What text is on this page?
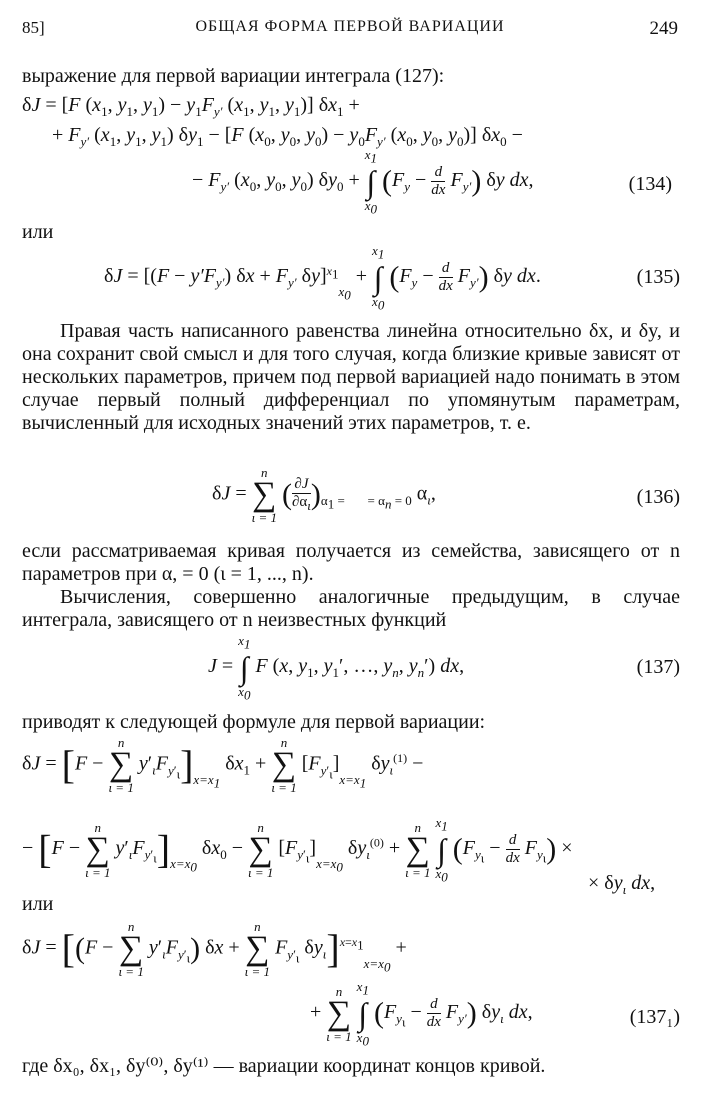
85]	ОБЩАЯ ФОРМА ПЕРВОЙ ВАРИАЦИИ	249
выражение для первой вариации интеграла (127):
δJ = [F ($x_1$, $y_1$, $y_1) - y_1F_{y'}$ ($x_1$, $y_1$, $y_1$)] $\delta x_1$ +
+ $F_{y'}$ ($x_1$, $y_1$, $y_1$) $\delta y_1 - [F$ ($x_0$, $y_0$, $y_0) - y_0F_{y'}$ ($x_0$, $y_0$, $y_0$)] $\delta x_0$ −
− $F_{y'}$ ($x_0$, $y_0$, $y_0$) $\delta y_0$ +
$x_1$
∫
$x_0$
$(F_y - \frac{d}{dx} F_{y'})$ δy dx,	(134)
или
$\delta J = [(F - y'F_{y'})$ $\delta x + F_{y'}$ δy]$^{x_1}_{x_0}$ +
$x_1$
∫
$x_0$
$(F_y - \frac{d}{dx} F_{y'})$ δy dx.	(135)
Правая часть написанного равенства линейна относительно δx, и δy, и она сохранит свой смысл и для того случая, когда близкие кривые зависят от нескольких параметров, причем под первой вариацией надо понимать в этом случае первый полный дифференциал по упомянутым параметрам, вычисленный для исходных значений этих параметров, т. е.
δJ =
n
∑
ι = 1
( $\frac{\partial J}{\partial\alpha_\iota} )_{\alpha_1 = = \alpha_n = 0}$ $\alpha_\iota$,	(136)
если рассматриваемая кривая получается из семейства, зависящего от n параметров при α, = 0 (ι = 1, ..., n).
Вычисления, совершенно аналогичные предыдущим, в случае интеграла, зависящего от n неизвестных функций
J =
$x_1$
∫
$x_0$
F (x, $y_1$, $y_1'$, …, $y_n$, $y_n'$) dx,	(137)
приводят к следующей формуле для первой вариации:
δJ = [F −
n
∑
ι = 1
$y'_\iota F_{y'_\iota}]_{x=x_1}$ $\delta x_1$ +
n
∑
ι = 1
$[F_{y'_\iota}]_{x=x_1}$ $\delta y_\iota^{(1)}$ −
− [F −
n
∑
ι = 1
$y'_\iota F_{y'_\iota}]_{x=x_0}$ $\delta x_0$ −
n
∑
ι = 1
$[F_{y'_\iota}]_{x=x_0}$ $\delta y_\iota^{(0)}$ +
n
∑
ι = 1

$x_1$
∫
$x_0$
$(F_{y_\iota} - \frac{d}{dx} F_{y_\iota})$ ×
× $\delta y_\iota$ dx,
или
δJ = [(F −
n
∑
ι = 1
$y'_\iota F_{y'_\iota}$) δx +
n
∑
ι = 1
$F_{y'_\iota}$ $\delta y_\iota]^{x=x_1}_{x=x_0}$ +
+
n
∑
ι = 1

$x_1$
∫
$x_0$
$(F_{y_\iota} - \frac{d}{dx} F_{y'})$ $\delta y_\iota$ dx,	(137₁)
где δx₀, δx₁, δy⁽⁰⁾, δy⁽¹⁾ — вариации координат концов кривой.
